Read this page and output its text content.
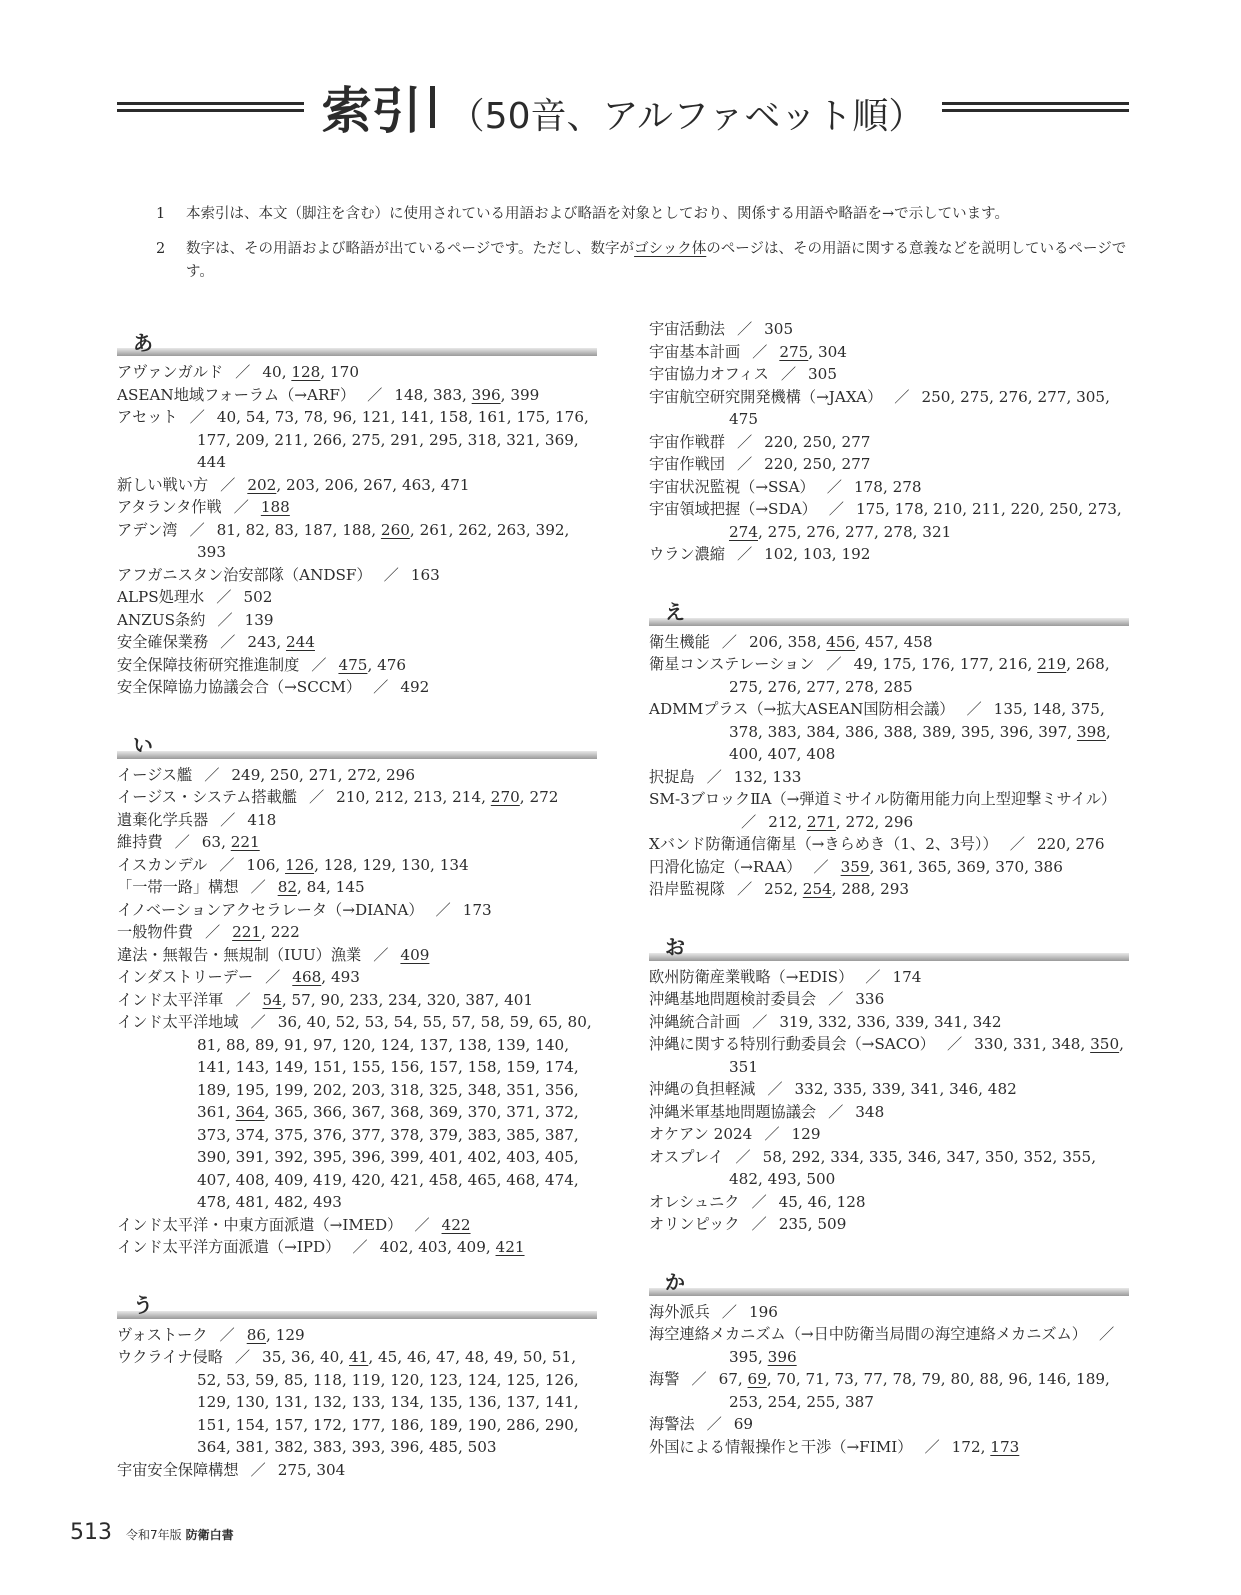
索引 （50音、アルファベット順）
1	本索引は、本文（脚注を含む）に使用されている用語および略語を対象としており、関係する用語や略語を→で示しています。
2	数字は、その用語および略語が出ているページです。ただし、数字がゴシック体のページは、その用語に関する意義などを説明しているページです。
あ
アヴァンガルド ／ 40, 128, 170
ASEAN地域フォーラム（→ARF） ／ 148, 383, 396, 399
アセット ／ 40, 54, 73, 78, 96, 121, 141, 158, 161, 175, 176, 177, 209, 211, 266, 275, 291, 295, 318, 321, 369, 444
新しい戦い方 ／ 202, 203, 206, 267, 463, 471
アタランタ作戦 ／ 188
アデン湾 ／ 81, 82, 83, 187, 188, 260, 261, 262, 263, 392, 393
アフガニスタン治安部隊（ANDSF） ／ 163
ALPS処理水 ／ 502
ANZUS条約 ／ 139
安全確保業務 ／ 243, 244
安全保障技術研究推進制度 ／ 475, 476
安全保障協力協議会合（→SCCM） ／ 492
い
イージス艦 ／ 249, 250, 271, 272, 296
イージス・システム搭載艦 ／ 210, 212, 213, 214, 270, 272
遺棄化学兵器 ／ 418
維持費 ／ 63, 221
イスカンデル ／ 106, 126, 128, 129, 130, 134
「一帯一路」構想 ／ 82, 84, 145
イノベーションアクセラレータ（→DIANA） ／ 173
一般物件費 ／ 221, 222
違法・無報告・無規制（IUU）漁業 ／ 409
インダストリーデー ／ 468, 493
インド太平洋軍 ／ 54, 57, 90, 233, 234, 320, 387, 401
インド太平洋地域 ／ 36, 40, 52, 53, 54, 55, 57, 58, 59, 65, 80, 81, 88, 89, 91, 97, 120, 124, 137, 138, 139, 140, 141, 143, 149, 151, 155, 156, 157, 158, 159, 174, 189, 195, 199, 202, 203, 318, 325, 348, 351, 356, 361, 364, 365, 366, 367, 368, 369, 370, 371, 372, 373, 374, 375, 376, 377, 378, 379, 383, 385, 387, 390, 391, 392, 395, 396, 399, 401, 402, 403, 405, 407, 408, 409, 419, 420, 421, 458, 465, 468, 474, 478, 481, 482, 493
インド太平洋・中東方面派遣（→IMED） ／ 422
インド太平洋方面派遣（→IPD） ／ 402, 403, 409, 421
う
ヴォストーク ／ 86, 129
ウクライナ侵略 ／ 35, 36, 40, 41, 45, 46, 47, 48, 49, 50, 51, 52, 53, 59, 85, 118, 119, 120, 123, 124, 125, 126, 129, 130, 131, 132, 133, 134, 135, 136, 137, 141, 151, 154, 157, 172, 177, 186, 189, 190, 286, 290, 364, 381, 382, 383, 393, 396, 485, 503
宇宙安全保障構想 ／ 275, 304
宇宙活動法 ／ 305
宇宙基本計画 ／ 275, 304
宇宙協力オフィス ／ 305
宇宙航空研究開発機構（→JAXA） ／ 250, 275, 276, 277, 305, 475
宇宙作戦群 ／ 220, 250, 277
宇宙作戦団 ／ 220, 250, 277
宇宙状況監視（→SSA） ／ 178, 278
宇宙領域把握（→SDA） ／ 175, 178, 210, 211, 220, 250, 273, 274, 275, 276, 277, 278, 321
ウラン濃縮 ／ 102, 103, 192
え
衛生機能 ／ 206, 358, 456, 457, 458
衛星コンステレーション ／ 49, 175, 176, 177, 216, 219, 268, 275, 276, 277, 278, 285
ADMMプラス（→拡大ASEAN国防相会議） ／ 135, 148, 375, 378, 383, 384, 386, 388, 389, 395, 396, 397, 398, 400, 407, 408
択捉島 ／ 132, 133
SM-3ブロックⅡA（→弾道ミサイル防衛用能力向上型迎撃ミサイル）／ 212, 271, 272, 296
Xバンド防衛通信衛星（→きらめき（1、2、3号）） ／ 220, 276
円滑化協定（→RAA） ／ 359, 361, 365, 369, 370, 386
沿岸監視隊 ／ 252, 254, 288, 293
お
欧州防衛産業戦略（→EDIS） ／ 174
沖縄基地問題検討委員会 ／ 336
沖縄統合計画 ／ 319, 332, 336, 339, 341, 342
沖縄に関する特別行動委員会（→SACO） ／ 330, 331, 348, 350, 351
沖縄の負担軽減 ／ 332, 335, 339, 341, 346, 482
沖縄米軍基地問題協議会 ／ 348
オケアン 2024 ／ 129
オスプレイ ／ 58, 292, 334, 335, 346, 347, 350, 352, 355, 482, 493, 500
オレシュニク ／ 45, 46, 128
オリンピック ／ 235, 509
か
海外派兵 ／ 196
海空連絡メカニズム（→日中防衛当局間の海空連絡メカニズム） ／395, 396
海警 ／ 67, 69, 70, 71, 73, 77, 78, 79, 80, 88, 96, 146, 189, 253, 254, 255, 387
海警法 ／ 69
外国による情報操作と干渉（→FIMI） ／ 172, 173
513 令和7年版 防衛白書
